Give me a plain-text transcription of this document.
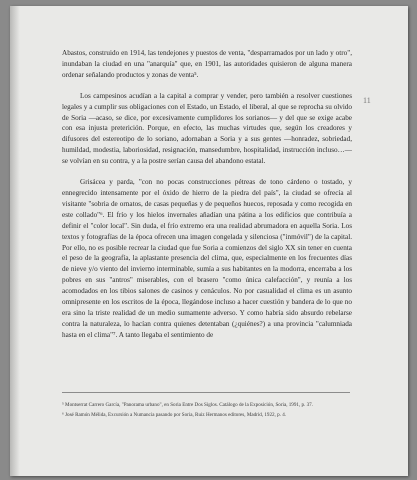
11

Abastos, construido en 1914, las tendejones y puestos de venta, "desparramados por un lado y otro", inundaban la ciudad en una "anarquía" que, en 1901, las autoridades quisieron de alguna manera ordenar señalando productos y zonas de venta⁵.

Los campesinos acudían a la capital a comprar y vender, pero también a resolver cuestiones legales y a cumplir sus obligaciones con el Estado, un Estado, el liberal, al que se reprocha su olvido de Soria —acaso, se dice, por excesivamente cumplidores los sorianos— y del que se exige acabe con esa injusta preterición. Porque, en efecto, las muchas virtudes que, según los creadores y difusores del estereotipo de lo soriano, adornaban a Soria y a sus gentes —honradez, sobriedad, humildad, modestia, laboriosidad, resignación, mansedumbre, hospitalidad, instrucción incluso…— se volvían en su contra, y a la postre serían causa del abandono estatal.

Grisácea y parda, "con no pocas construcciones pétreas de tono cárdeno o tostado, y ennegrecido intensamente por el óxido de hierro de la piedra del país", la ciudad se ofrecía al visitante "sobria de ornatos, de casas pequeñas y de pequeños huecos, reposada y como recogida en este collado"⁶. El frío y los hielos invernales añadían una pátina a los edificios que contribuía a definir el "color local". Sin duda, el frío extremo era una realidad abrumadora en aquella Soria. Los textos y fotografías de la época ofrecen una imagen congelada y silenciosa ("inmóvil") de la capital. Por ello, no es posible recrear la ciudad que fue Soria a comienzos del siglo XX sin tener en cuenta el peso de la geografía, la aplastante presencia del clima, que, especialmente en los frecuentes días de nieve y/o viento del invierno interminable, sumía a sus habitantes en la modorra, encerraba a los pobres en sus "antros" miserables, con el brasero "como única calefacción", y reunía a los acomodados en los tibios salones de casinos y cenáculos. No por casualidad el clima es un asunto omnipresente en los escritos de la época, llegándose incluso a hacer cuestión y bandera de lo que no era sino la triste realidad de un medio sumamente adverso. Y como habría sido absurdo rebelarse contra la naturaleza, lo hacían contra quienes detentaban (¿quiénes?) a una provincia "calumniada hasta en el clima"⁷. A tanto llegaba el sentimiento de

⁵ Montserrat Carrero García, "Panorama urbano", en Soria Entre Dos Siglos. Catálogo de la Exposición, Soria, 1991, p. 37.

⁶ José Ramón Mélida, Excursión a Numancia pasando por Soria, Ruiz Hermanos editores, Madrid, 1922, p. 4.
